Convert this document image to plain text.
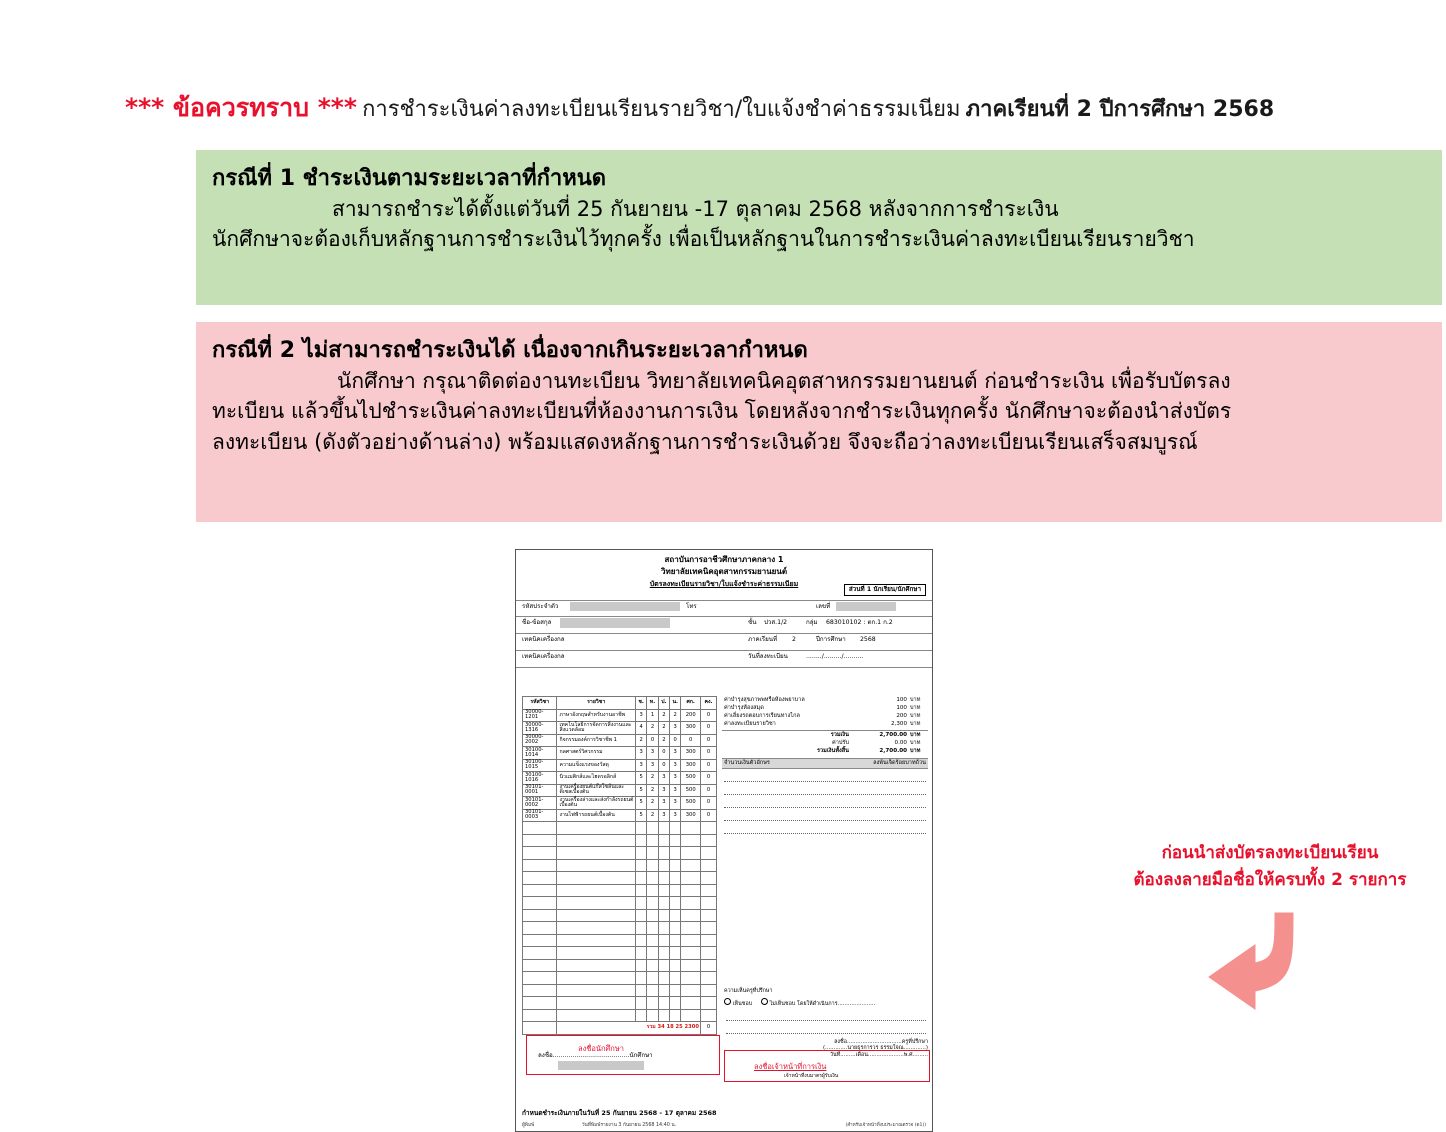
*** ข้อควรทราบ *** การชำระเงินค่าลงทะเบียนเรียนรายวิชา/ใบแจ้งชำค่าธรรมเนียม ภาคเรียนที่ 2 ปีการศึกษา 2568
กรณีที่ 1 ชำระเงินตามระยะเวลาที่กำหนด
สามารถชำระได้ตั้งแต่วันที่ 25 กันยายน -17 ตุลาคม 2568 หลังจากการชำระเงิน
นักศึกษาจะต้องเก็บหลักฐานการชำระเงินไว้ทุกครั้ง เพื่อเป็นหลักฐานในการชำระเงินค่าลงทะเบียนเรียนรายวิชา
กรณีที่ 2 ไม่สามารถชำระเงินได้ เนื่องจากเกินระยะเวลากำหนด
นักศึกษา กรุณาติดต่องานทะเบียน วิทยาลัยเทคนิคอุตสาหกรรมยานยนต์ ก่อนชำระเงิน เพื่อรับบัตรลง
ทะเบียน แล้วขึ้นไปชำระเงินค่าลงทะเบียนที่ห้องงานการเงิน โดยหลังจากชำระเงินทุกครั้ง นักศึกษาจะต้องนำส่งบัตร
ลงทะเบียน (ดังตัวอย่างด้านล่าง) พร้อมแสดงหลักฐานการชำระเงินด้วย จึงจะถือว่าลงทะเบียนเรียนเสร็จสมบูรณ์
สถาบันการอาชีวศึกษาภาคกลาง 1
วิทยาลัยเทคนิคอุตสาหกรรมยานยนต์
บัตรลงทะเบียนรายวิชา/ใบแจ้งชำระค่าธรรมเนียม
ส่วนที่ 1 นักเรียน/นักศึกษา
รหัสประจำตัว	โทร	เลขที่
ชื่อ-ข้อสกุล	ชั้น ปวส.1/2	กลุ่ม 683010102 : ตก.1 ก.2
เทคนิคเครื่องกล	ภาคเรียนที่ 2	ปีการศึกษา 2568
เทคนิคเครื่องกล	วันที่ลงทะเบียน	......../........./..........
รหัสวิชา	รายวิชา	ช.	ท.	ป.	น.	ศก.	คง.
30000-1201	ภาษาอังกฤษสำหรับงานอาชีพ	3	1	2	2	200	0
30000-1316	เทคโนโลยีการจัดการสิ่งงานและสิ่งแวดล้อม	4	2	2	3	300	0
30000-2002	กิจกรรมองค์การวิชาชีพ 1	2	0	2	0	0	0
30100-1014	กลศาสตร์วิศวกรรม	3	3	0	3	300	0
30100-1015	ความแข็งแรงของวัสดุ	3	3	0	3	300	0
30100-1016	นิวแมติกส์และไฮดรอลิกส์	5	2	3	3	500	0
30101-0001	งานเครื่องยนต์แก๊สโซลีนและดีเซลเบื้องต้น	5	2	3	3	500	0
30101-0002	งานเครื่องล่างและส่งกำลังรถยนต์เบื้องต้น	5	2	3	3	500	0
30101-0003	งานไฟฟ้ารถยนต์เบื้องต้น	5	2	3	3	300	0

	รวม 34 18 25 2300						0
ค่าบำรุงสุขภาพพหรือห้องพยาบาล	100 บาท
ค่าบำรุงห้องสมุด	100 บาท
ค่าเลี่ยงรถตอบการเรียนทางไกล	200 บาท
ค่าลงทะเบียนรายวิชา	2,300 บาท
รวมเงิน	2,700.00 บาท
ค่าปรับ	0.00 บาท
รวมเงินทั้งสิ้น	2,700.00 บาท
จำนวนเงินตัวอักษร	ลงพ้นเจ็ดร้อยบาทถ้วน
ความเห็นครูที่ปรึกษา
เห็นชอบ	ไม่เห็นชอบ โดยให้ดำเนินการ......................
ลงชื่อ................................ครูที่ปรึกษา
(.............นายธุรการวร ธรรมใจณ.............)
วันที่.........เดือน.....................พ.ศ.........
ลงชื่อ.......................................นักศึกษา
ลงชื่อนักศึกษา
ลงชื่อเจ้าหน้าที่การเงิน
เจ้าหน้าที่งบมาตรผู้รับเงิน
กำหนดชำระเงินภายในวันที่ 25 กันยายน 2568 - 17 ตุลาคม 2568
ผู้พิมพ์	วันที่พิมพ์รายงาน 3 กันยายน 2568 14:40 น.	(สำหรับเจ้าหน้าที่งบประมาณตรวจ (ด1))
ก่อนนำส่งบัตรลงทะเบียนเรียน
ต้องลงลายมือชื่อให้ครบทั้ง 2 รายการ
